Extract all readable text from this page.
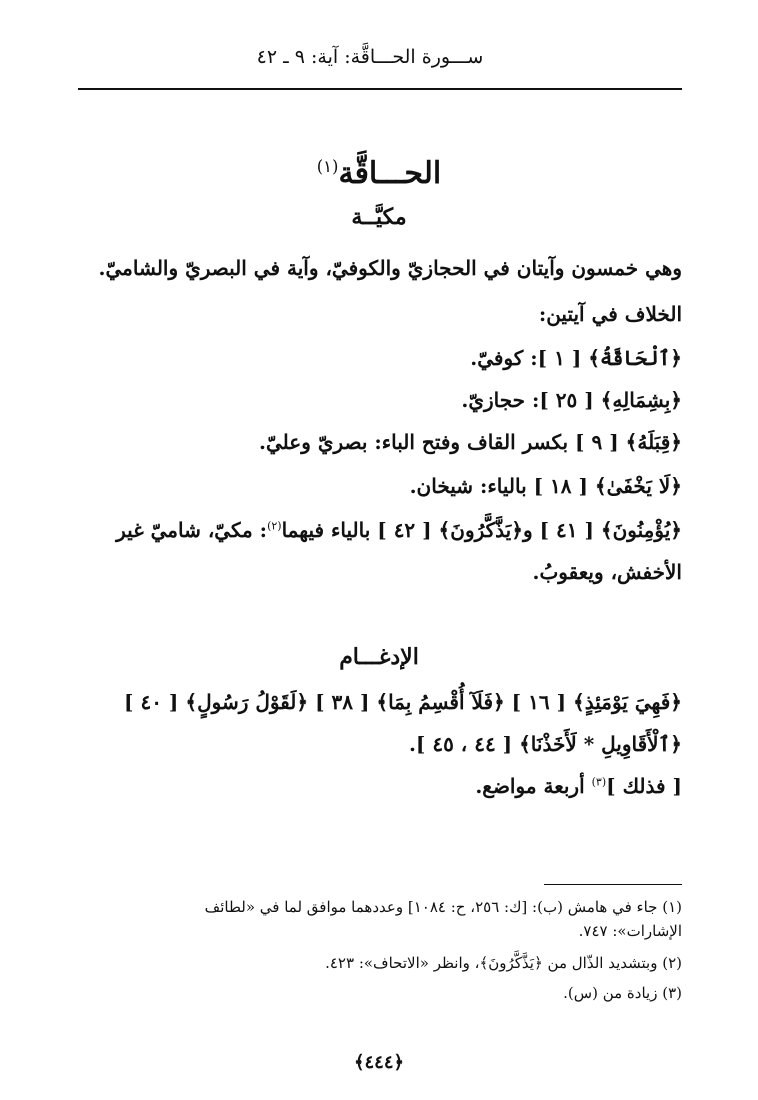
ســـورة الحـــاقَّة: آية: ٩ ـ ٤٢
الحـــاقَّة$^{(١)}$
مكيَّــة
وهي خمسون وآيتان في الحجازيّ والكوفيّ، وآية في البصريّ والشاميّ.
الخلاف في آيتين:
﴿ٱلْحَاقَّةُ﴾ [ ١ ]: كوفيّ.
﴿بِشِمَالِهِ﴾ [ ٢٥ ]: حجازيّ.
﴿قِبَلَهُ﴾ [ ٩ ] بكسر القاف وفتح الباء: بصريّ وعليّ.
﴿لَا يَخْفَىٰ﴾ [ ١٨ ] بالياء: شيخان.
﴿يُؤْمِنُونَ﴾ [ ٤١ ] و﴿يَذَّكَّرُونَ﴾ [ ٤٢ ] بالياء فيهما$^{(٢)}$: مكيّ، شاميّ غير
الأخفش، ويعقوبُ.
الإدغـــام
﴿فَهِيَ يَوْمَئِذٍ﴾ [ ١٦ ] ﴿فَلَآ أُقْسِمُ بِمَا﴾ [ ٣٨ ] ﴿لَقَوْلُ رَسُولٍ﴾ [ ٤٠ ]
﴿ٱلْأَقَاوِيلِ * لَأَخَذْنَا﴾ [ ٤٤ ، ٤٥ ].
[ فذلك ]$^{(٣)}$ أربعة مواضع.
(١) جاء في هامش (ب): [ك: ٢٥٦، ح: ١٠٨٤] وعددهما موافق لما في «لطائف
الإشارات»: ٧٤٧.
(٢) وبتشديد الذّال من ﴿يَذَّكَّرُونَ﴾، وانظر «الاتحاف»: ٤٢٣.
(٣) زيادة من (س).
﴿٤٤٤﴾
